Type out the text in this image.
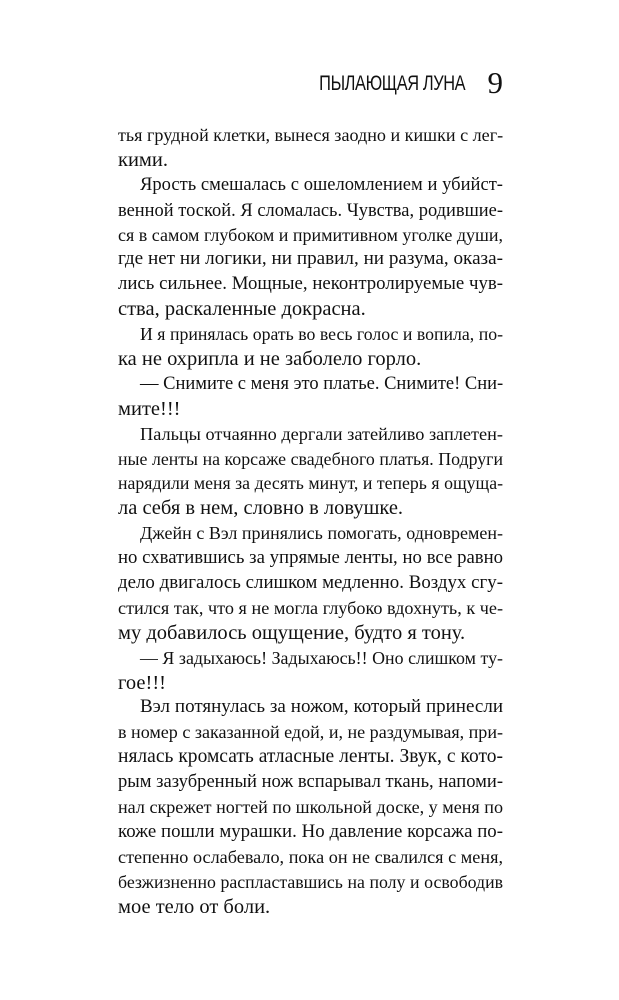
ПЫЛАЮЩАЯ ЛУНА 9
тья грудной клетки, вынеся заодно и кишки с лег-
кими.
Ярость смешалась с ошеломлением и убийст-
венной тоской. Я сломалась. Чувства, родившие-
ся в самом глубоком и примитивном уголке души,
где нет ни логики, ни правил, ни разума, оказа-
лись сильнее. Мощные, неконтролируемые чув-
ства, раскаленные докрасна.
И я принялась орать во весь голос и вопила, по-
ка не охрипла и не заболело горло.
— Снимите с меня это платье. Снимите! Сни-
мите!!!
Пальцы отчаянно дергали затейливо заплетен-
ные ленты на корсаже свадебного платья. Подруги
нарядили меня за десять минут, и теперь я ощуща-
ла себя в нем, словно в ловушке.
Джейн с Вэл принялись помогать, одновремен-
но схватившись за упрямые ленты, но все равно
дело двигалось слишком медленно. Воздух сгу-
стился так, что я не могла глубоко вдохнуть, к че-
му добавилось ощущение, будто я тону.
— Я задыхаюсь! Задыхаюсь!! Оно слишком ту-
гое!!!
Вэл потянулась за ножом, который принесли
в номер с заказанной едой, и, не раздумывая, при-
нялась кромсать атласные ленты. Звук, с кото-
рым зазубренный нож вспарывал ткань, напоми-
нал скрежет ногтей по школьной доске, у меня по
коже пошли мурашки. Но давление корсажа по-
степенно ослабевало, пока он не свалился с меня,
безжизненно распластавшись на полу и освободив
мое тело от боли.
